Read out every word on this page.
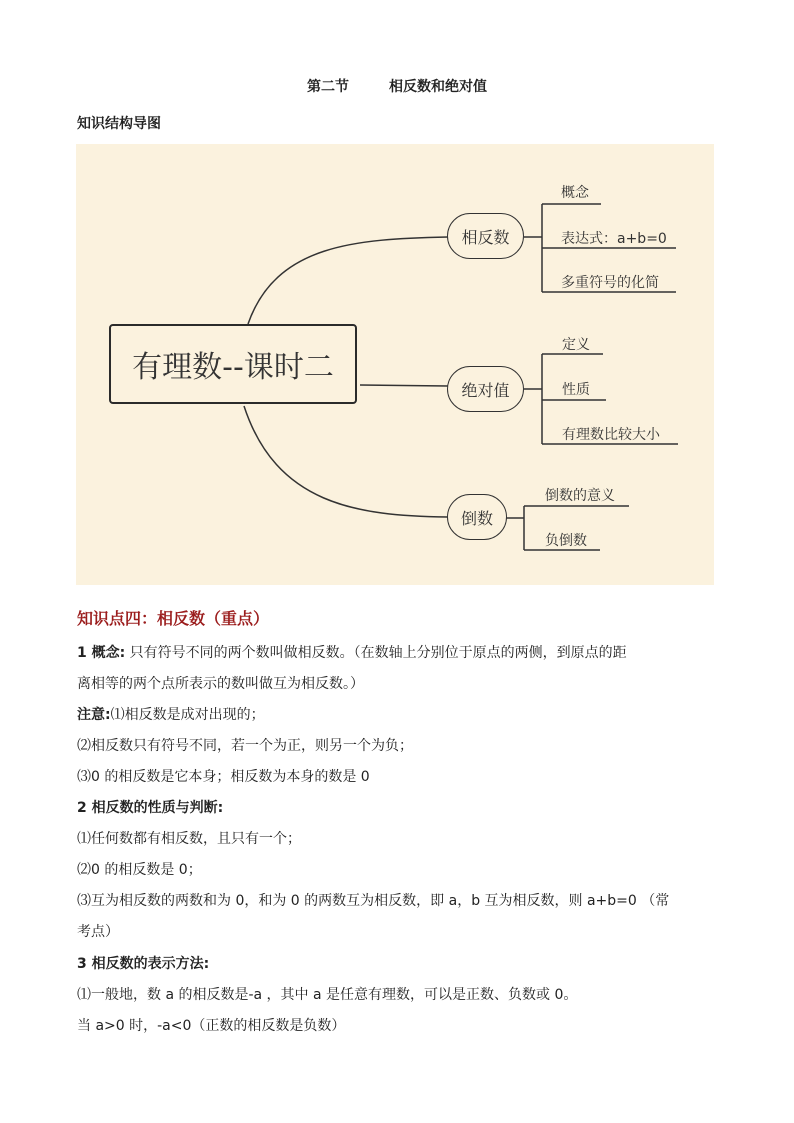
第二节	相反数和绝对值
知识结构导图
有理数--课时二
相反数
概念
表达式：a+b=0
多重符号的化简
绝对值
定义
性质
有理数比较大小
倒数
倒数的意义
负倒数
知识点四：相反数（重点）
1 概念: 只有符号不同的两个数叫做相反数。（在数轴上分别位于原点的两侧，到原点的距
离相等的两个点所表示的数叫做互为相反数。）
注意:⑴相反数是成对出现的；
⑵相反数只有符号不同，若一个为正，则另一个为负；
⑶0 的相反数是它本身；相反数为本身的数是 0
2 相反数的性质与判断:
⑴任何数都有相反数，且只有一个；
⑵0 的相反数是 0；
⑶互为相反数的两数和为 0，和为 0 的两数互为相反数，即 a，b 互为相反数，则 a+b=0 （常
考点）
3 相反数的表示方法:
⑴一般地，数 a 的相反数是-a ，其中 a 是任意有理数，可以是正数、负数或 0。
当 a>0 时，-a<0（正数的相反数是负数）
